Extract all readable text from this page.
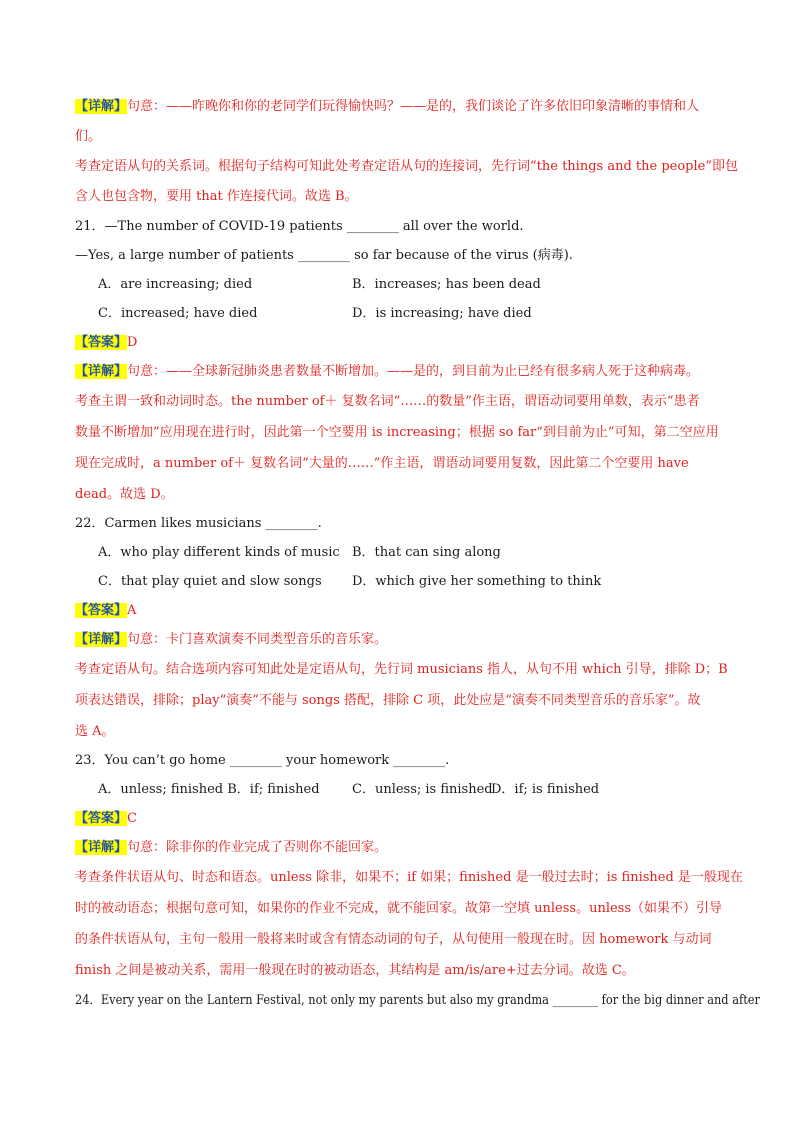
【详解】句意：——昨晚你和你的老同学们玩得愉快吗？——是的，我们谈论了许多依旧印象清晰的事情和人
们。
考查定语从句的关系词。根据句子结构可知此处考查定语从句的连接词，先行词“the things and the people”即包
含人也包含物，要用 that 作连接代词。故选 B。
21．—The number of COVID-19 patients ________ all over the world.
—Yes, a large number of patients ________ so far because of the virus (病毒).
A．are increasing; died	B．increases; has been dead
C．increased; have died	D．is increasing; have died
【答案】D
【详解】句意：——全球新冠肺炎患者数量不断增加。——是的，到目前为止已经有很多病人死于这种病毒。
考查主谓一致和动词时态。the number of＋ 复数名词“……的数量”作主语，谓语动词要用单数，表示“患者
数量不断增加”应用现在进行时，因此第一个空要用 is increasing；根据 so far“到目前为止”可知，第二空应用
现在完成时，a number of＋ 复数名词“大量的……”作主语，谓语动词要用复数，因此第二个空要用 have
dead。故选 D。
22．Carmen likes musicians ________.
A．who play different kinds of music B．that can sing along
C．that play quiet and slow songs D．which give her something to think
【答案】A
【详解】句意：卡门喜欢演奏不同类型音乐的音乐家。
考查定语从句。结合选项内容可知此处是定语从句，先行词 musicians 指人，从句不用 which 引导，排除 D；B
项表达错误，排除；play“演奏”不能与 songs 搭配，排除 C 项，此处应是“演奏不同类型音乐的音乐家”。故
选 A。
23．You can’t go home ________ your homework ________.
A．unless; finished B．if; finished C．unless; is finished
D．if; is finished
【答案】C
【详解】句意：除非你的作业完成了否则你不能回家。
考查条件状语从句、时态和语态。unless 除非，如果不；if 如果；finished 是一般过去时；is finished 是一般现在
时的被动语态；根据句意可知，如果你的作业不完成，就不能回家。故第一空填 unless。unless（如果不）引导
的条件状语从句，主句一般用一般将来时或含有情态动词的句子，从句使用一般现在时。因 homework 与动词
finish 之间是被动关系，需用一般现在时的被动语态，其结构是 am/is/are+过去分词。故选 C。
24．Every year on the Lantern Festival, not only my parents but also my grandma ________ for the big dinner and after
